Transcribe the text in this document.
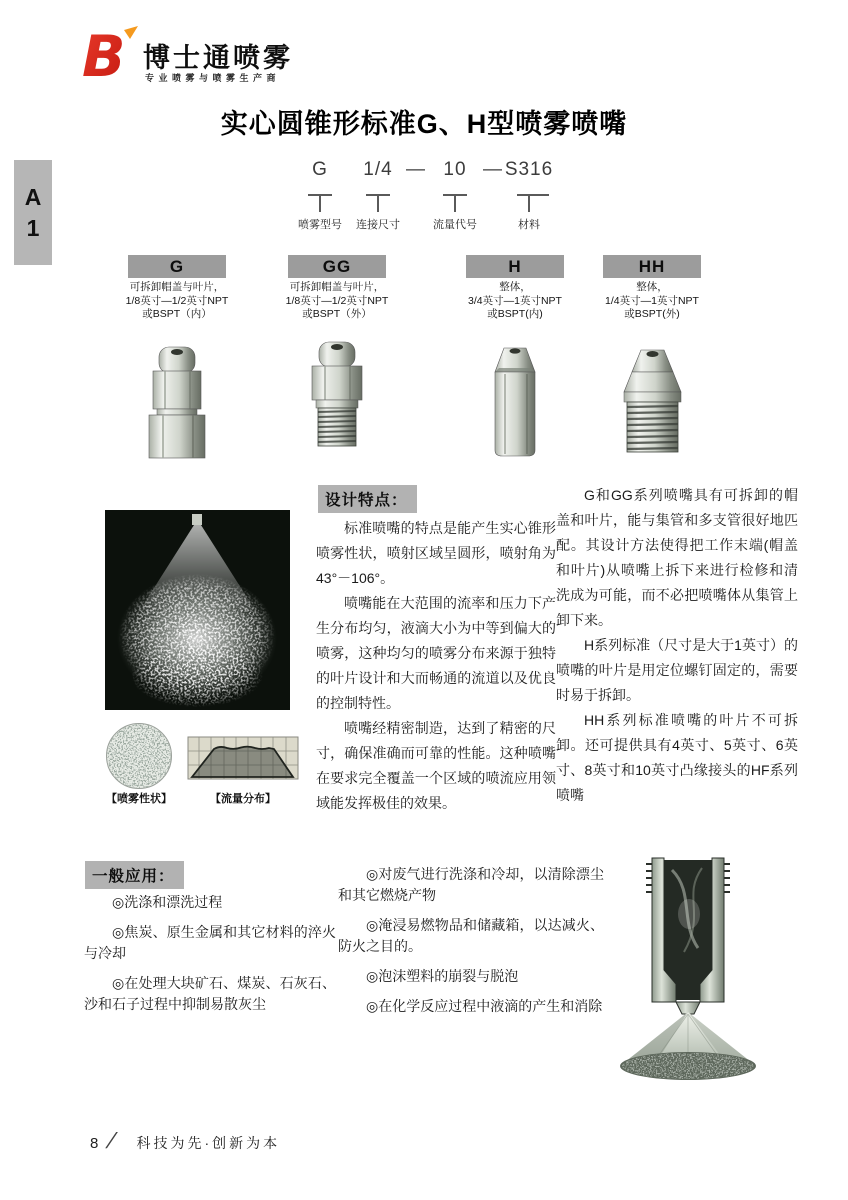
B 博士通喷雾
专业喷雾与喷雾生产商
实心圆锥形标准G、H型喷雾喷嘴
A
1
G
喷雾型号
1/4
连接尺寸
— 10
流量代号
— S316
材料
G
可拆卸帽盖与叶片，
1/8英寸—1/2英寸NPT
或BSPT（内）
GG
可拆卸帽盖与叶片，
1/8英寸—1/2英寸NPT
或BSPT（外）
H
整体，
3/4英寸—1英寸NPT
或BSPT(内)
HH
整体，
1/4英寸—1英寸NPT
或BSPT(外)
【喷雾性状】	【流量分布】
设计特点：

标准喷嘴的特点是能产生实心锥形喷雾性状，喷射区域呈圆形，喷射角为43°－106°。

喷嘴能在大范围的流率和压力下产生分布均匀，液滴大小为中等到偏大的喷雾，这种均匀的喷雾分布来源于独特的叶片设计和大而畅通的流道以及优良的控制特性。

喷嘴经精密制造，达到了精密的尺寸，确保准确而可靠的性能。这种喷嘴在要求完全覆盖一个区域的喷流应用领域能发挥极佳的效果。

G和GG系列喷嘴具有可拆卸的帽盖和叶片，能与集管和多支管很好地匹配。其设计方法使得把工作末端(帽盖和叶片)从喷嘴上拆下来进行检修和清洗成为可能，而不必把喷嘴体从集管上卸下来。

H系列标准（尺寸是大于1英寸）的喷嘴的叶片是用定位螺钉固定的，需要时易于拆卸。

HH系列标准喷嘴的叶片不可拆卸。还可提供具有4英寸、5英寸、6英寸、8英寸和10英寸凸缘接头的HF系列喷嘴

一般应用：

◎洗涤和漂洗过程

◎焦炭、原生金属和其它材料的淬火与冷却

◎在处理大块矿石、煤炭、石灰石、沙和石子过程中抑制易散灰尘

◎对废气进行洗涤和冷却，以清除漂尘和其它燃烧产物

◎淹浸易燃物品和储藏箱，以达减火、防火之目的。

◎泡沫塑料的崩裂与脱泡

◎在化学反应过程中液滴的产生和消除

8 / 科技为先·创新为本
